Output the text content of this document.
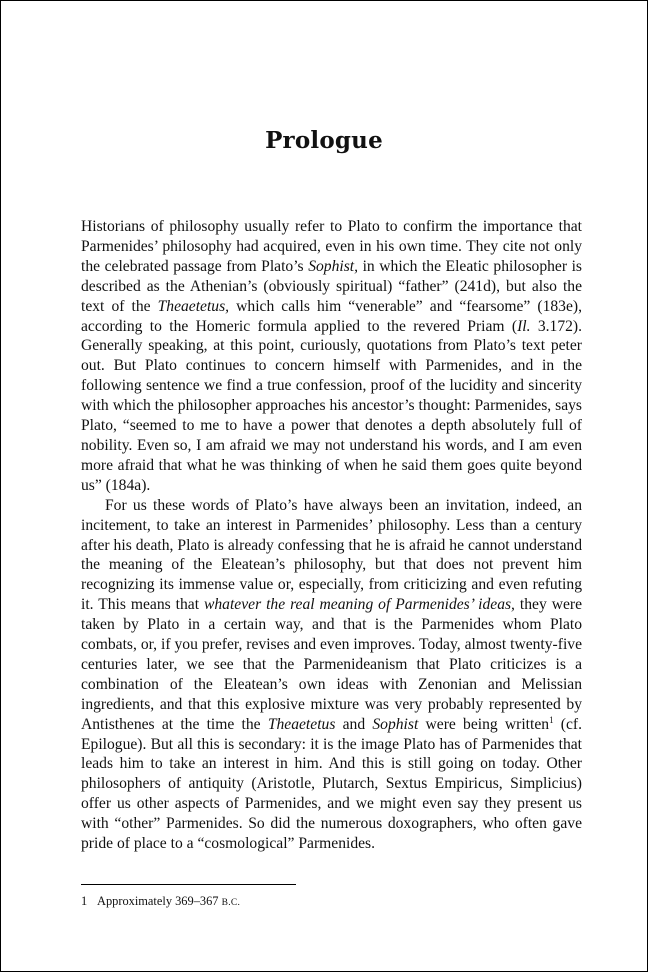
Prologue

Historians of philosophy usually refer to Plato to confirm the importance that Parmenides’ philosophy had acquired, even in his own time. They cite not only the celebrated passage from Plato’s Sophist, in which the Eleatic philosopher is described as the Athenian’s (obviously spiritual) “father” (241d), but also the text of the Theaetetus, which calls him “venerable” and “fearsome” (183e), according to the Homeric formula applied to the revered Priam (Il. 3.172). Generally speaking, at this point, curiously, quotations from Plato’s text peter out. But Plato continues to concern himself with Parmenides, and in the following sentence we find a true confession, proof of the lucidity and sincerity with which the philosopher approaches his ancestor’s thought: Parmenides, says Plato, “seemed to me to have a power that denotes a depth absolutely full of nobility. Even so, I am afraid we may not understand his words, and I am even more afraid that what he was thinking of when he said them goes quite beyond us” (184a).

For us these words of Plato’s have always been an invitation, indeed, an incitement, to take an interest in Parmenides’ philosophy. Less than a century after his death, Plato is already confessing that he is afraid he cannot understand the meaning of the Eleatean’s philosophy, but that does not prevent him recognizing its immense value or, especially, from criticizing and even refuting it. This means that whatever the real meaning of Parmenides’ ideas, they were taken by Plato in a certain way, and that is the Parmenides whom Plato combats, or, if you prefer, revises and even improves. Today, almost twenty-five centuries later, we see that the Parmenideanism that Plato criticizes is a combination of the Eleatean’s own ideas with Zenonian and Melissian ingredients, and that this explosive mixture was very probably represented by Antisthenes at the time the Theaetetus and Sophist were being written$^1$ (cf. Epilogue). But all this is secondary: it is the image Plato has of Parmenides that leads him to take an interest in him. And this is still going on today. Other philosophers of antiquity (Aristotle, Plutarch, Sextus Empiricus, Simplicius) offer us other aspects of Parmenides, and we might even say they present us with “other” Parmenides. So did the numerous doxographers, who often gave pride of place to a “cosmological” Parmenides.

1 Approximately 369–367 B.C.
